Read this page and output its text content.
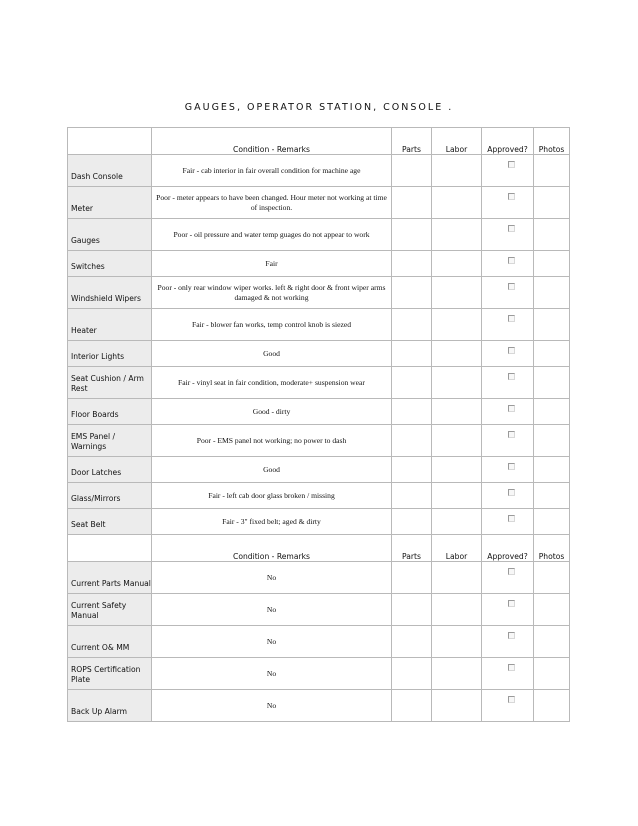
GAUGES, OPERATOR STATION, CONSOLE .
	Condition - Remarks	Parts	Labor	Approved?	Photos
Dash Console	Fair - cab interior in fair overall condition for machine age				
Meter	Poor - meter appears to have been changed. Hour meter not working at time of inspection.				
Gauges	Poor - oil pressure and water temp guages do not appear to work				
Switches	Fair				
Windshield Wipers	Poor - only rear window wiper works. left & right door & front wiper arms damaged & not working				
Heater	Fair - blower fan works, temp control knob is siezed				
Interior Lights	Good				
Seat Cushion / Arm Rest	Fair - vinyl seat in fair condition, moderate+ suspension wear				
Floor Boards	Good - dirty				
EMS Panel / Warnings	Poor - EMS panel not working; no power to dash				
Door Latches	Good				
Glass/Mirrors	Fair - left cab door glass broken / missing				
Seat Belt	Fair - 3" fixed belt; aged & dirty				
	Condition - Remarks	Parts	Labor	Approved?	Photos
Current Parts Manual	No				
Current Safety Manual	No				
Current O& MM	No				
ROPS Certification Plate	No				
Back Up Alarm	No				
